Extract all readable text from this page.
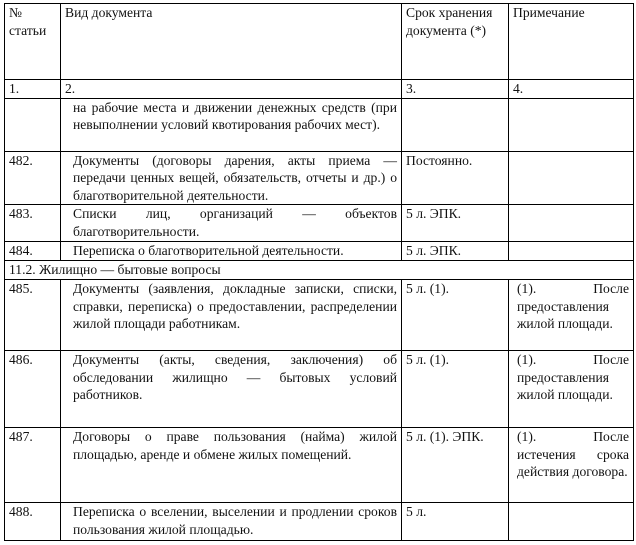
№ статьи	Вид документа	Срок хранения документа (*)	Примечание
1.	2.	3.	4.
	на рабочие места и движении денежных средств (при невыполнении условий квотирования рабочих мест).		
482.	Документы (договоры дарения, акты приема — передачи ценных вещей, обязательств, отчеты и др.) о благотворительной деятельности.	Постоянно.	
483.	Списки лиц, организаций — объектов благотворительности.	5 л. ЭПК.	
484.	Переписка о благотворительной деятельности.	5 л. ЭПК.	
11.2. Жилищно — бытовые вопросы			
485.	Документы (заявления, докладные записки, списки, справки, переписка) о предоставлении, распределении жилой площади работникам.	5 л. (1).	(1). После предоставления жилой площади.
486.	Документы (акты, сведения, заключения) об обследовании жилищно — бытовых условий работников.	5 л. (1).	(1). После предоставления жилой площади.
487.	Договоры о праве пользования (найма) жилой площадью, аренде и обмене жилых помещений.	5 л. (1). ЭПК.	(1). После истечения срока действия договора.
488.	Переписка о вселении, выселении и продлении сроков пользования жилой площадью.	5 л.	
